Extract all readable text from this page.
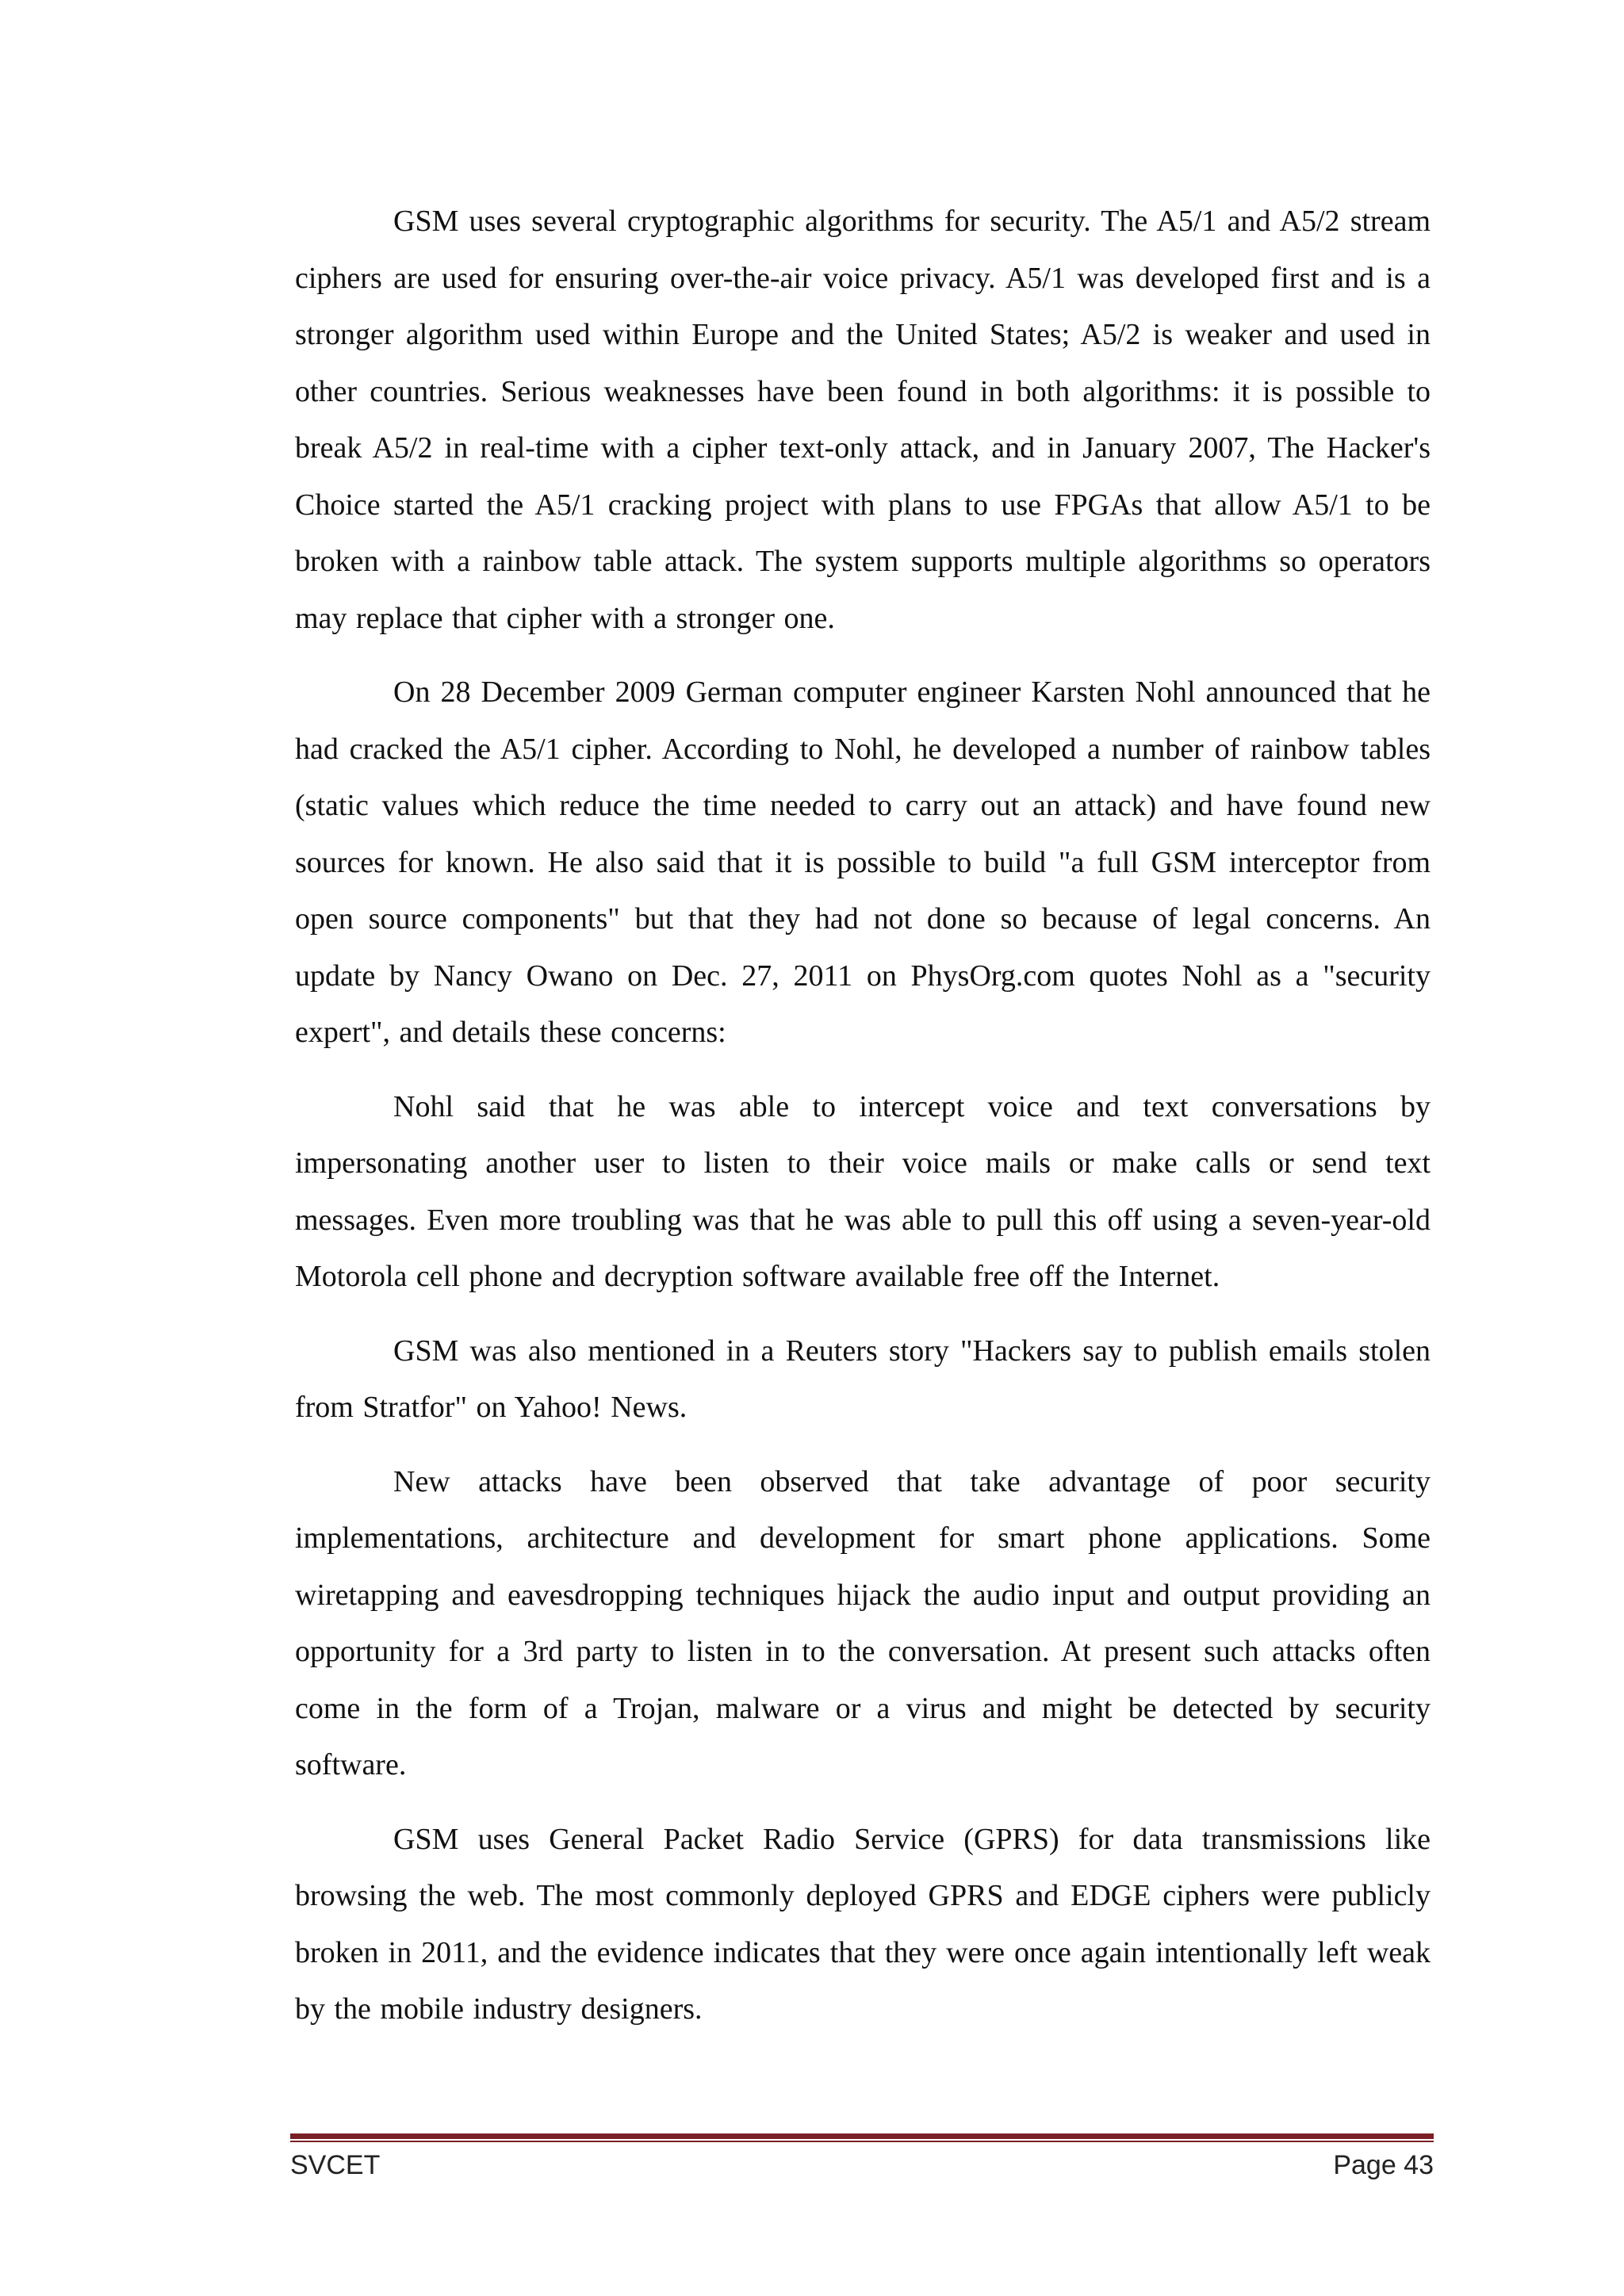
GSM uses several cryptographic algorithms for security. The A5/1 and A5/2 stream ciphers are used for ensuring over-the-air voice privacy. A5/1 was developed first and is a stronger algorithm used within Europe and the United States; A5/2 is weaker and used in other countries. Serious weaknesses have been found in both algorithms: it is possible to break A5/2 in real-time with a cipher text-only attack, and in January 2007, The Hacker's Choice started the A5/1 cracking project with plans to use FPGAs that allow A5/1 to be broken with a rainbow table attack. The system supports multiple algorithms so operators may replace that cipher with a stronger one.

On 28 December 2009 German computer engineer Karsten Nohl announced that he had cracked the A5/1 cipher. According to Nohl, he developed a number of rainbow tables (static values which reduce the time needed to carry out an attack) and have found new sources for known. He also said that it is possible to build "a full GSM interceptor from open source components" but that they had not done so because of legal concerns. An update by Nancy Owano on Dec. 27, 2011 on PhysOrg.com quotes Nohl as a "security expert", and details these concerns:

Nohl said that he was able to intercept voice and text conversations by impersonating another user to listen to their voice mails or make calls or send text messages. Even more troubling was that he was able to pull this off using a seven-year-old Motorola cell phone and decryption software available free off the Internet.

GSM was also mentioned in a Reuters story "Hackers say to publish emails stolen from Stratfor" on Yahoo! News.

New attacks have been observed that take advantage of poor security implementations, architecture and development for smart phone applications. Some wiretapping and eavesdropping techniques hijack the audio input and output providing an opportunity for a 3rd party to listen in to the conversation. At present such attacks often come in the form of a Trojan, malware or a virus and might be detected by security software.

GSM uses General Packet Radio Service (GPRS) for data transmissions like browsing the web. The most commonly deployed GPRS and EDGE ciphers were publicly broken in 2011, and the evidence indicates that they were once again intentionally left weak by the mobile industry designers.

SVCET	Page 43
